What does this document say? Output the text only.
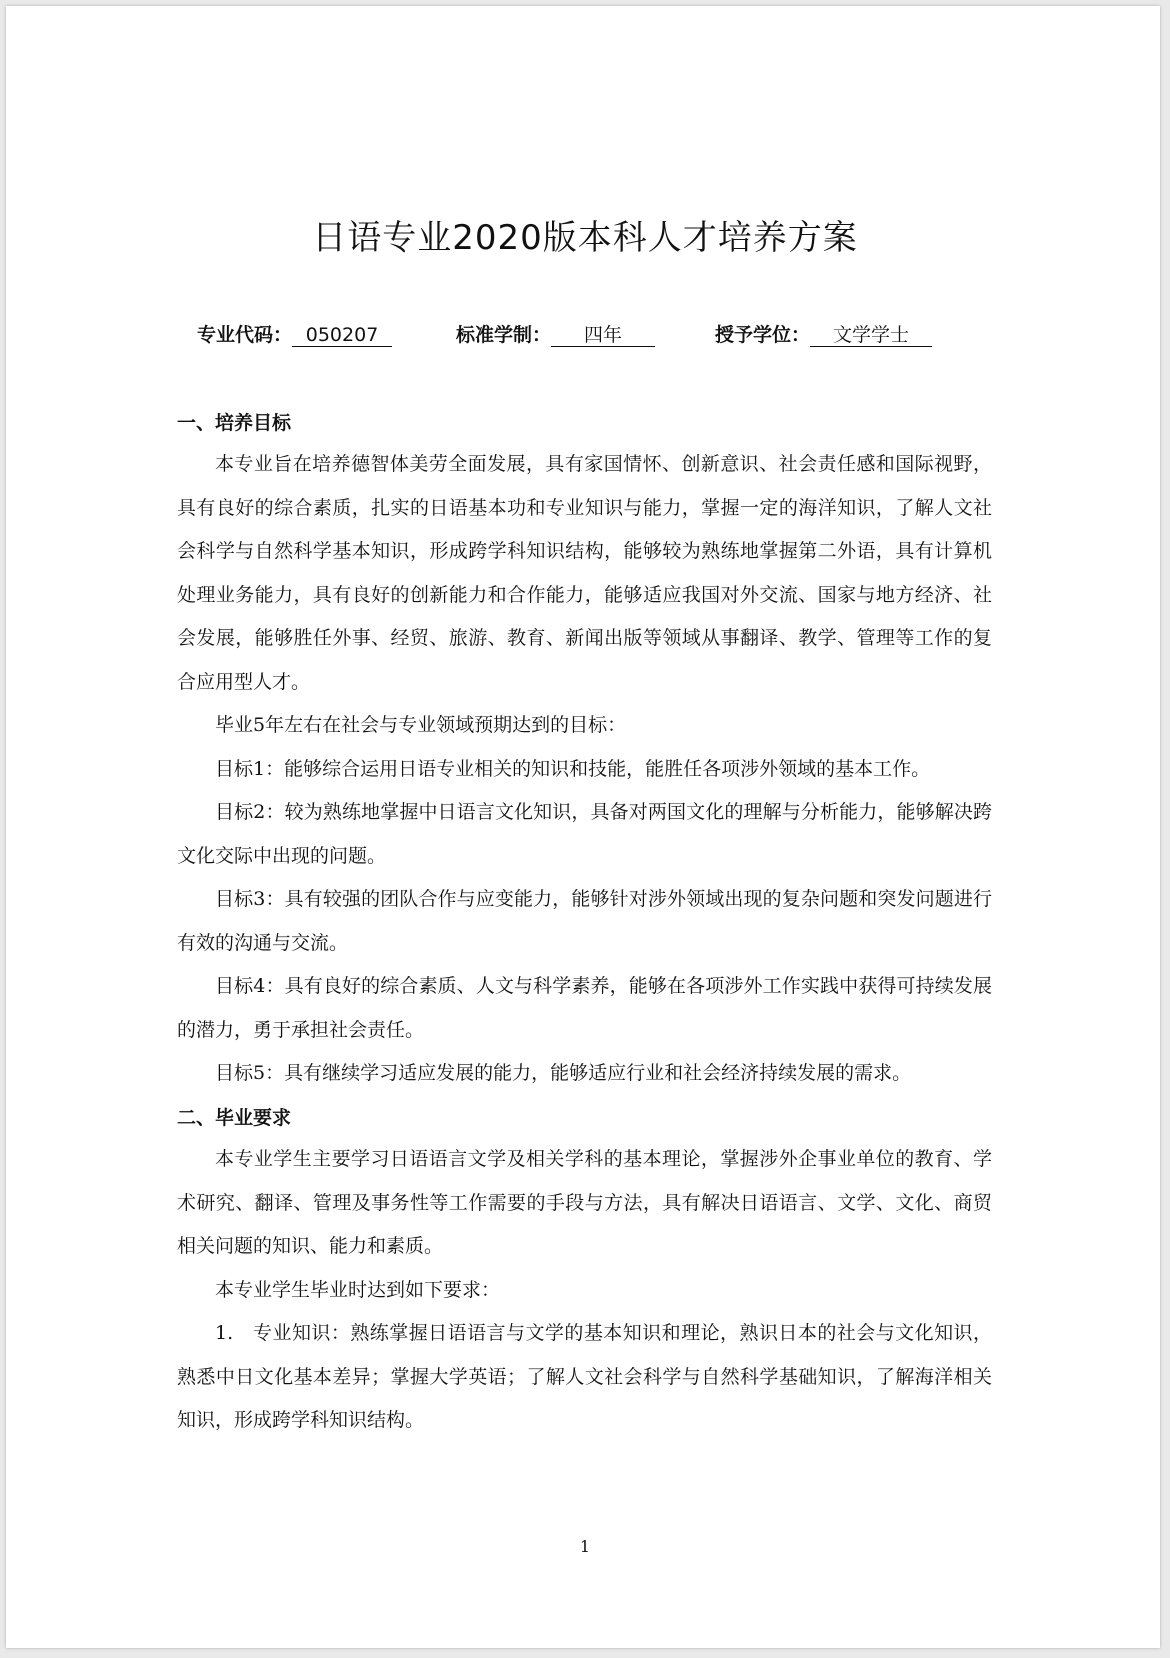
日语专业2020版本科人才培养方案
专业代码： 050207	标准学制： 四年	授予学位： 文学学士
一、培养目标

本专业旨在培养德智体美劳全面发展，具有家国情怀、创新意识、社会责任感和国际视野，具有良好的综合素质，扎实的日语基本功和专业知识与能力，掌握一定的海洋知识，了解人文社会科学与自然科学基本知识，形成跨学科知识结构，能够较为熟练地掌握第二外语，具有计算机处理业务能力，具有良好的创新能力和合作能力，能够适应我国对外交流、国家与地方经济、社会发展，能够胜任外事、经贸、旅游、教育、新闻出版等领域从事翻译、教学、管理等工作的复合应用型人才。

毕业5年左右在社会与专业领域预期达到的目标：

目标1：能够综合运用日语专业相关的知识和技能，能胜任各项涉外领域的基本工作。

目标2：较为熟练地掌握中日语言文化知识，具备对两国文化的理解与分析能力，能够解决跨文化交际中出现的问题。

目标3：具有较强的团队合作与应变能力，能够针对涉外领域出现的复杂问题和突发问题进行有效的沟通与交流。

目标4：具有良好的综合素质、人文与科学素养，能够在各项涉外工作实践中获得可持续发展的潜力，勇于承担社会责任。

目标5：具有继续学习适应发展的能力，能够适应行业和社会经济持续发展的需求。

二、毕业要求

本专业学生主要学习日语语言文学及相关学科的基本理论，掌握涉外企事业单位的教育、学术研究、翻译、管理及事务性等工作需要的手段与方法，具有解决日语语言、文学、文化、商贸相关问题的知识、能力和素质。

本专业学生毕业时达到如下要求：

1.　专业知识：熟练掌握日语语言与文学的基本知识和理论，熟识日本的社会与文化知识，熟悉中日文化基本差异；掌握大学英语；了解人文社会科学与自然科学基础知识，了解海洋相关知识，形成跨学科知识结构。

1
